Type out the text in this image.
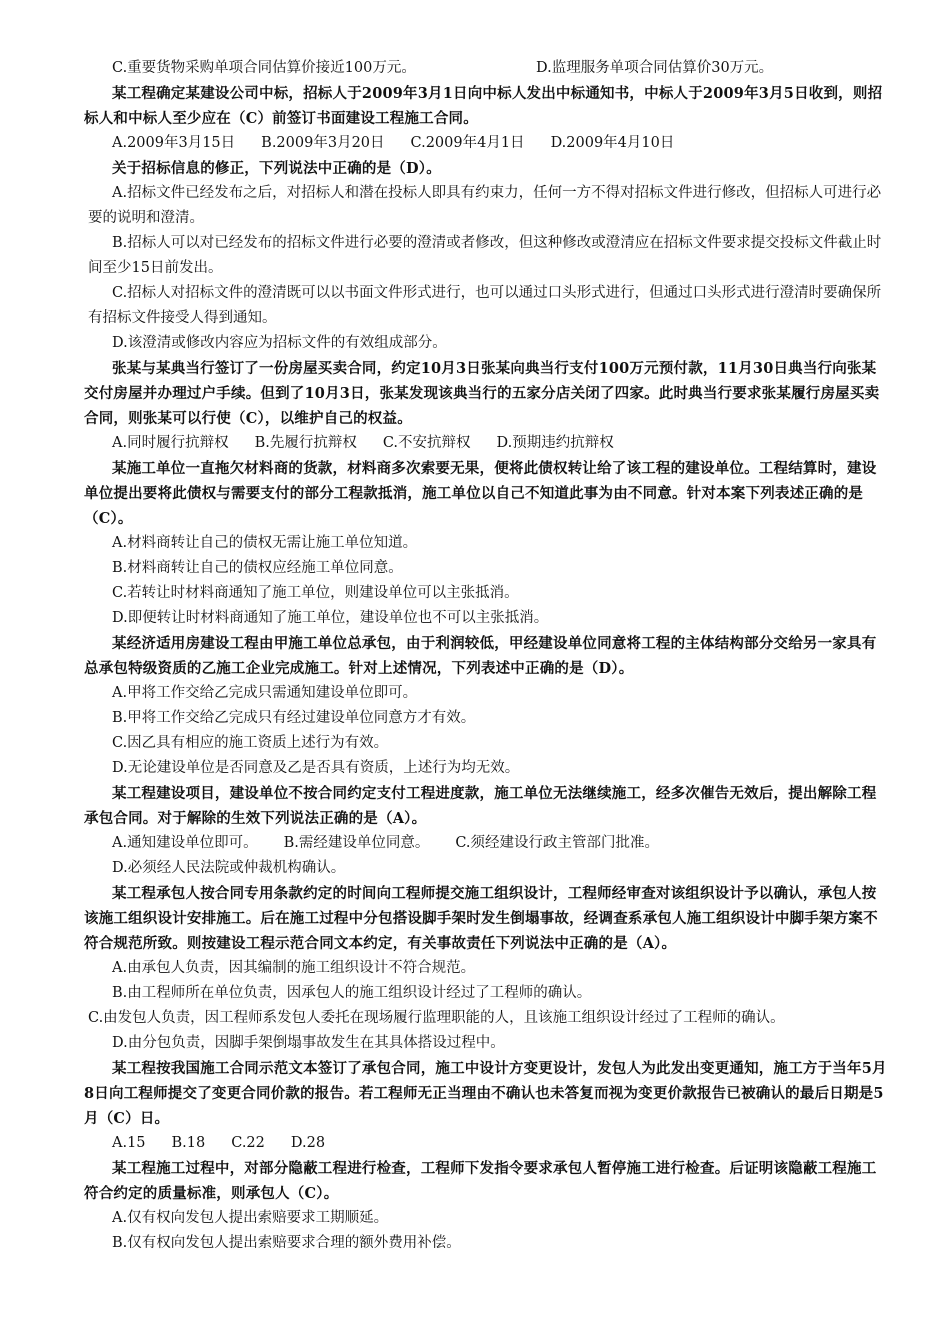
C.重要货物采购单项合同估算价接近100万元。	D.监理服务单项合同估算价30万元。
某工程确定某建设公司中标，招标人于2009年3月1日向中标人发出中标通知书，中标人于2009年3月5日收到，则招标人和中标人至少应在（C）前签订书面建设工程施工合同。
A.2009年3月15日 B.2009年3月20日 C.2009年4月1日 D.2009年4月10日
关于招标信息的修正，下列说法中正确的是（D）。
A.招标文件已经发布之后，对招标人和潜在投标人即具有约束力，任何一方不得对招标文件进行修改，但招标人可进行必要的说明和澄清。
B.招标人可以对已经发布的招标文件进行必要的澄清或者修改，但这种修改或澄清应在招标文件要求提交投标文件截止时间至少15日前发出。
C.招标人对招标文件的澄清既可以以书面文件形式进行，也可以通过口头形式进行，但通过口头形式进行澄清时要确保所有招标文件接受人得到通知。
D.该澄清或修改内容应为招标文件的有效组成部分。
张某与某典当行签订了一份房屋买卖合同，约定10月3日张某向典当行支付100万元预付款，11月30日典当行向张某交付房屋并办理过户手续。但到了10月3日，张某发现该典当行的五家分店关闭了四家。此时典当行要求张某履行房屋买卖合同，则张某可以行使（C），以维护自己的权益。
A.同时履行抗辩权 B.先履行抗辩权 C.不安抗辩权 D.预期违约抗辩权
某施工单位一直拖欠材料商的货款，材料商多次索要无果，便将此债权转让给了该工程的建设单位。工程结算时，建设单位提出要将此债权与需要支付的部分工程款抵消，施工单位以自己不知道此事为由不同意。针对本案下列表述正确的是（C）。
A.材料商转让自己的债权无需让施工单位知道。
B.材料商转让自己的债权应经施工单位同意。
C.若转让时材料商通知了施工单位，则建设单位可以主张抵消。
D.即便转让时材料商通知了施工单位，建设单位也不可以主张抵消。
某经济适用房建设工程由甲施工单位总承包，由于利润较低，甲经建设单位同意将工程的主体结构部分交给另一家具有总承包特级资质的乙施工企业完成施工。针对上述情况，下列表述中正确的是（D）。
A.甲将工作交给乙完成只需通知建设单位即可。
B.甲将工作交给乙完成只有经过建设单位同意方才有效。
C.因乙具有相应的施工资质上述行为有效。
D.无论建设单位是否同意及乙是否具有资质，上述行为均无效。
某工程建设项目，建设单位不按合同约定支付工程进度款，施工单位无法继续施工，经多次催告无效后，提出解除工程承包合同。对于解除的生效下列说法正确的是（A）。
A.通知建设单位即可。 B.需经建设单位同意。 C.须经建设行政主管部门批准。
D.必须经人民法院或仲裁机构确认。
某工程承包人按合同专用条款约定的时间向工程师提交施工组织设计，工程师经审查对该组织设计予以确认，承包人按该施工组织设计安排施工。后在施工过程中分包搭设脚手架时发生倒塌事故，经调查系承包人施工组织设计中脚手架方案不符合规范所致。则按建设工程示范合同文本约定，有关事故责任下列说法中正确的是（A）。
A.由承包人负责，因其编制的施工组织设计不符合规范。
B.由工程师所在单位负责，因承包人的施工组织设计经过了工程师的确认。
C.由发包人负责，因工程师系发包人委托在现场履行监理职能的人，且该施工组织设计经过了工程师的确认。
D.由分包负责，因脚手架倒塌事故发生在其具体搭设过程中。
某工程按我国施工合同示范文本签订了承包合同，施工中设计方变更设计，发包人为此发出变更通知，施工方于当年5月8日向工程师提交了变更合同价款的报告。若工程师无正当理由不确认也未答复而视为变更价款报告已被确认的最后日期是5月（C）日。
A.15 B.18 C.22 D.28
某工程施工过程中，对部分隐蔽工程进行检查，工程师下发指令要求承包人暂停施工进行检查。后证明该隐蔽工程施工符合约定的质量标准，则承包人（C）。
A.仅有权向发包人提出索赔要求工期顺延。
B.仅有权向发包人提出索赔要求合理的额外费用补偿。
